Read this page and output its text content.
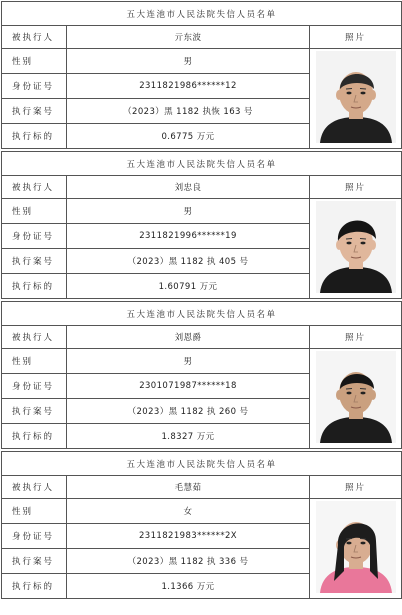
五大连池市人民法院失信人员名单		
被执行人	亓东波	照片
性别	男	

身份证号	2311821986******12	
执行案号	（2023）黑 1182 执恢 163 号	
执行标的	0.6775 万元	
五大连池市人民法院失信人员名单		
被执行人	刘忠良	照片
性别	男	

身份证号	2311821996******19	
执行案号	（2023）黑 1182 执 405 号	
执行标的	1.60791 万元	
五大连池市人民法院失信人员名单		
被执行人	刘恩爵	照片
性别	男	

身份证号	2301071987******18	
执行案号	（2023）黑 1182 执 260 号	
执行标的	1.8327 万元	
五大连池市人民法院失信人员名单		
被执行人	毛慧茹	照片
性别	女	

身份证号	2311821983******2X	
执行案号	（2023）黑 1182 执 336 号	
执行标的	1.1366 万元	
